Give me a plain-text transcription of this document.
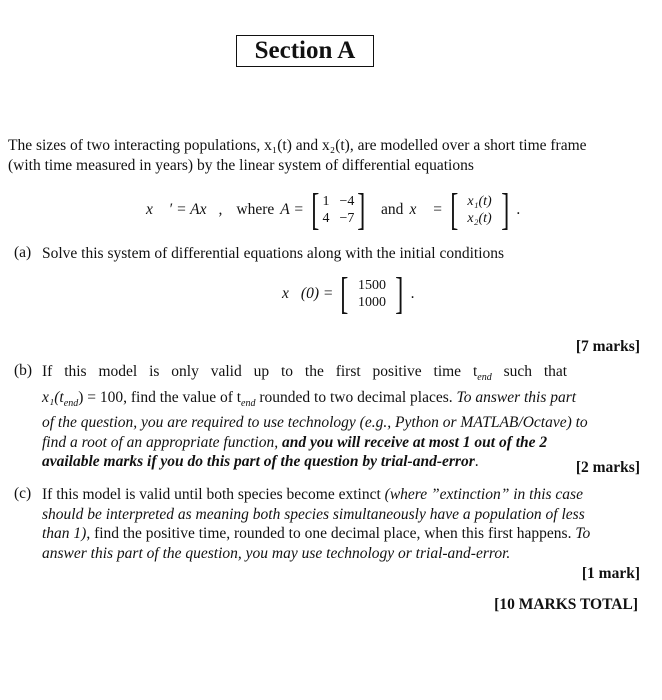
Section A
The sizes of two interacting populations, x₁(t) and x₂(t), are modelled over a short time frame
(with time measured in years) by the linear system of differential equations
x⃗ ′ = Ax⃗, where A = [ 1 −4
4 −7 ] and x⃗ = [ x₁(t)
x₂(t) ] .
(a) Solve this system of differential equations along with the initial conditions
x⃗(0) = [ 1500
1000 ] .
[7 marks]
(b) If this model is only valid up to the first positive time $t_{end}$ such that
$x_1(t_{end}) = 100$, find the value of $t_{end}$ rounded to two decimal places. To answer this part
of the question, you are required to use technology (e.g., Python or MATLAB/Octave) to
find a root of an appropriate function, and you will receive at most 1 out of the 2
available marks if you do this part of the question by trial-and-error.	[2 marks]
(c) If this model is valid until both species become extinct (where ”extinction” in this case
should be interpreted as meaning both species simultaneously have a population of less
than 1), find the positive time, rounded to one decimal place, when this first happens. To
answer this part of the question, you may use technology or trial-and-error.
[1 mark]
[10 MARKS TOTAL]
